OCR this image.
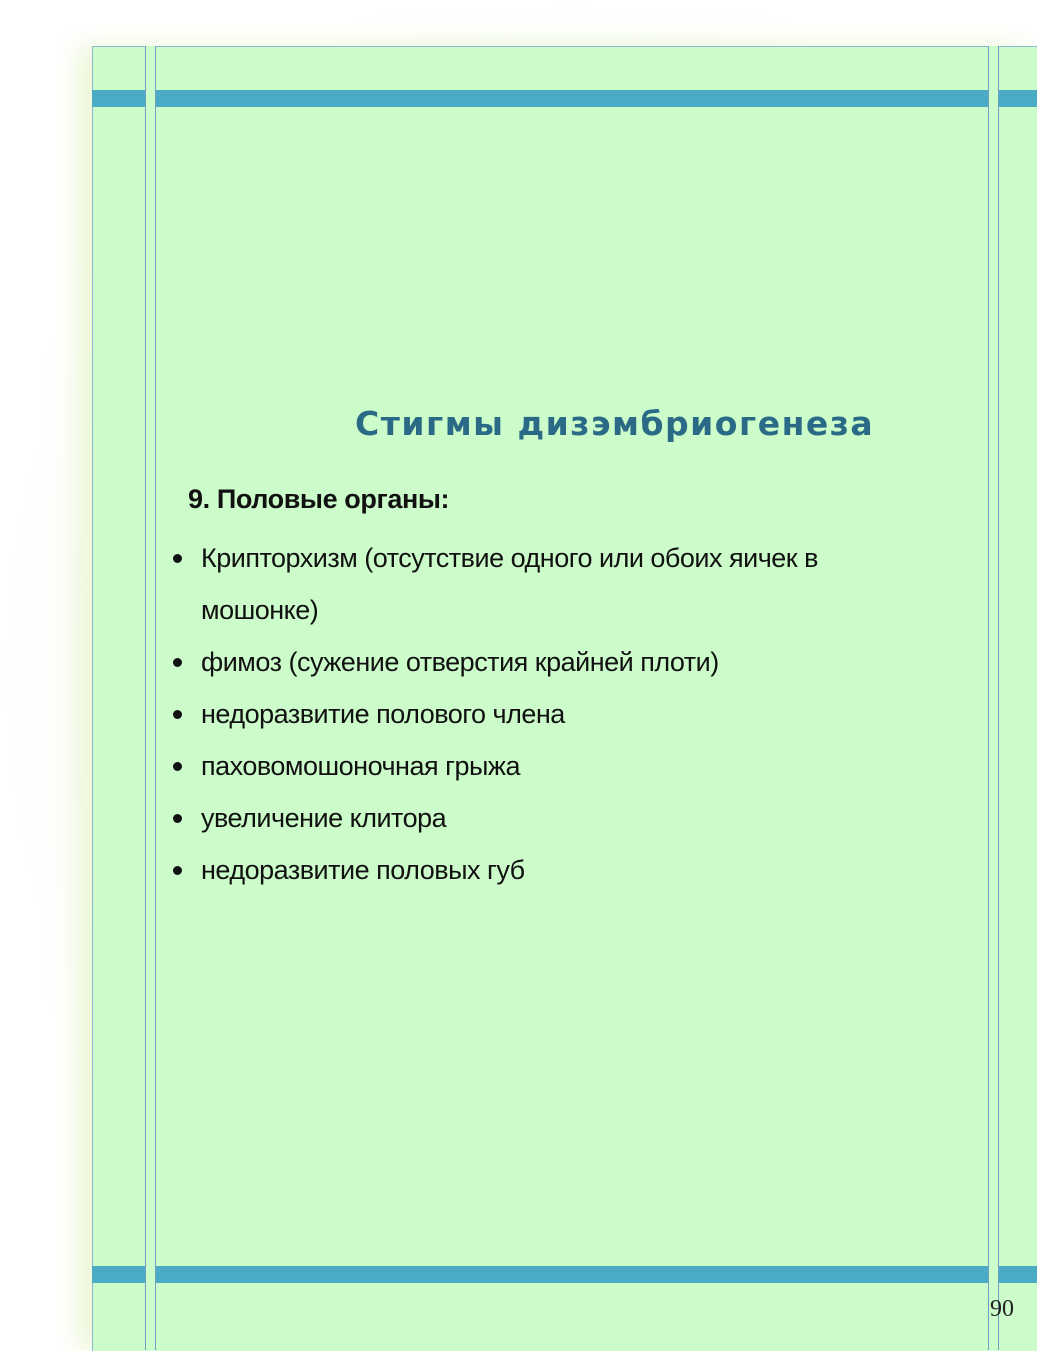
Стигмы дизэмбриогенеза
9. Половые органы:
Крипторхизм (отсутствие одного или обоих яичек в мошонке)
фимоз (сужение отверстия крайней плоти)
недоразвитие полового члена
паховомошоночная грыжа
увеличение клитора
недоразвитие половых губ

90
